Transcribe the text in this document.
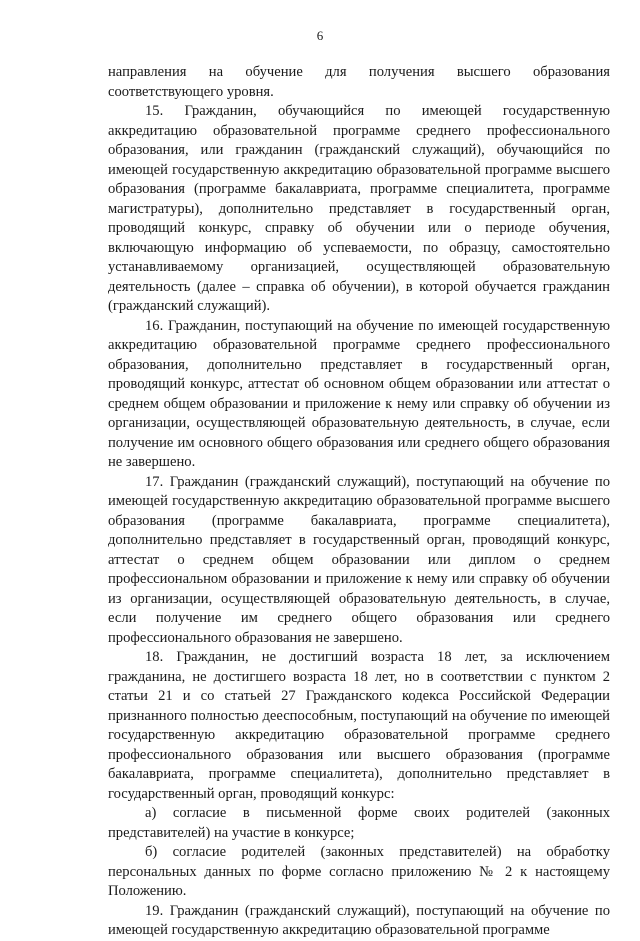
6

направления на обучение для получения высшего образования соответствующего уровня.

15. Гражданин, обучающийся по имеющей государственную аккредитацию образовательной программе среднего профессионального образования, или гражданин (гражданский служащий), обучающийся по имеющей государственную аккредитацию образовательной программе высшего образования (программе бакалавриата, программе специалитета, программе магистратуры), дополнительно представляет в государственный орган, проводящий конкурс, справку об обучении или о периоде обучения, включающую информацию об успеваемости, по образцу, самостоятельно устанавливаемому организацией, осуществляющей образовательную деятельность (далее – справка об обучении), в которой обучается гражданин (гражданский служащий).

16. Гражданин, поступающий на обучение по имеющей государственную аккредитацию образовательной программе среднего профессионального образования, дополнительно представляет в государственный орган, проводящий конкурс, аттестат об основном общем образовании или аттестат о среднем общем образовании и приложение к нему или справку об обучении из организации, осуществляющей образовательную деятельность, в случае, если получение им основного общего образования или среднего общего образования не завершено.

17. Гражданин (гражданский служащий), поступающий на обучение по имеющей государственную аккредитацию образовательной программе высшего образования (программе бакалавриата, программе специалитета), дополнительно представляет в государственный орган, проводящий конкурс, аттестат о среднем общем образовании или диплом о среднем профессиональном образовании и приложение к нему или справку об обучении из организации, осуществляющей образовательную деятельность, в случае, если получение им среднего общего образования или среднего профессионального образования не завершено.

18. Гражданин, не достигший возраста 18 лет, за исключением гражданина, не достигшего возраста 18 лет, но в соответствии с пунктом 2 статьи 21 и со статьей 27 Гражданского кодекса Российской Федерации признанного полностью дееспособным, поступающий на обучение по имеющей государственную аккредитацию образовательной программе среднего профессионального образования или высшего образования (программе бакалавриата, программе специалитета), дополнительно представляет в государственный орган, проводящий конкурс:

а) согласие в письменной форме своих родителей (законных представителей) на участие в конкурсе;

б) согласие родителей (законных представителей) на обработку персональных данных по форме согласно приложению № 2 к настоящему Положению.

19. Гражданин (гражданский служащий), поступающий на обучение по имеющей государственную аккредитацию образовательной программе
